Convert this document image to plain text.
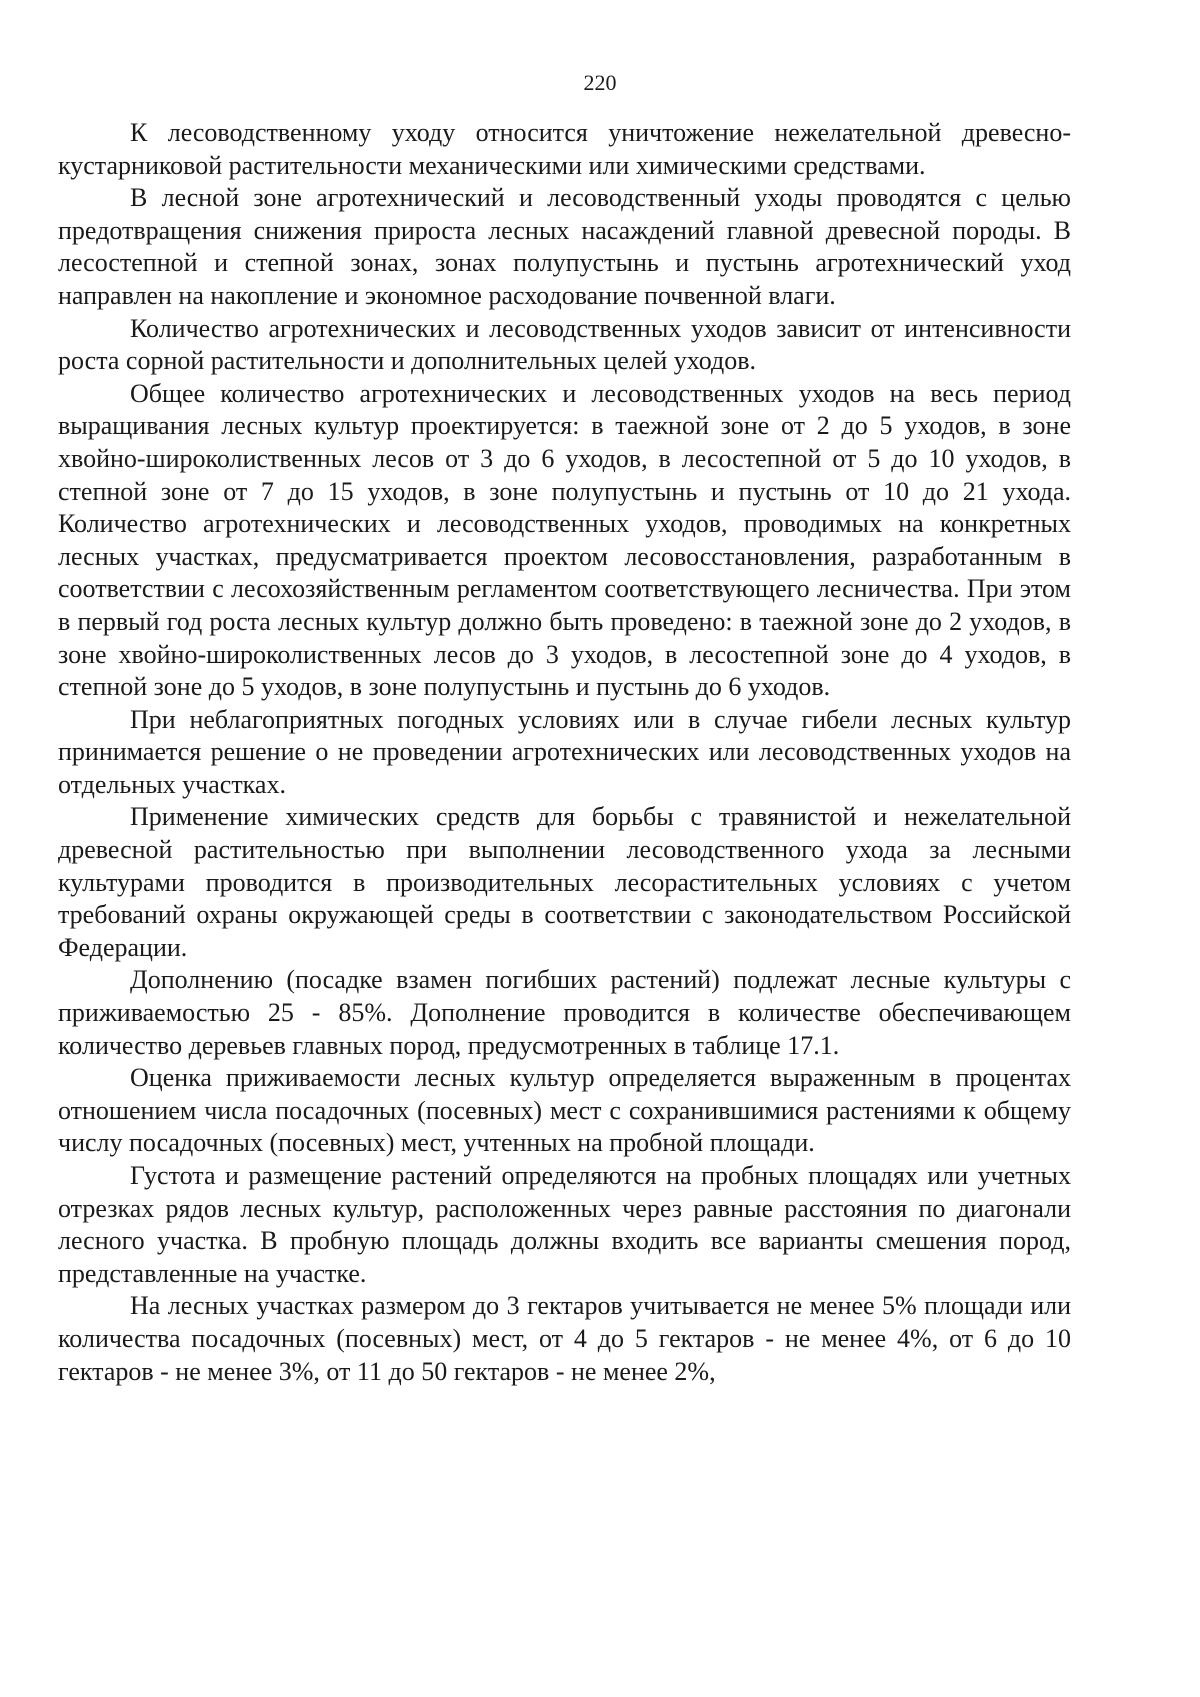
220

К лесоводственному уходу относится уничтожение нежелательной древесно-кустарниковой растительности механическими или химическими средствами.

В лесной зоне агротехнический и лесоводственный уходы проводятся с целью предотвращения снижения прироста лесных насаждений главной древесной породы. В лесостепной и степной зонах, зонах полупустынь и пустынь агротехнический уход направлен на накопление и экономное расходование почвенной влаги.

Количество агротехнических и лесоводственных уходов зависит от интенсивности роста сорной растительности и дополнительных целей уходов.

Общее количество агротехнических и лесоводственных уходов на весь период выращивания лесных культур проектируется: в таежной зоне от 2 до 5 уходов, в зоне хвойно-широколиственных лесов от 3 до 6 уходов, в лесостепной от 5 до 10 уходов, в степной зоне от 7 до 15 уходов, в зоне полупустынь и пустынь от 10 до 21 ухода. Количество агротехнических и лесоводственных уходов, проводимых на конкретных лесных участках, предусматривается проектом лесовосстановления, разработанным в соответствии с лесохозяйственным регламентом соответствующего лесничества. При этом в первый год роста лесных культур должно быть проведено: в таежной зоне до 2 уходов, в зоне хвойно-широколиственных лесов до 3 уходов, в лесостепной зоне до 4 уходов, в степной зоне до 5 уходов, в зоне полупустынь и пустынь до 6 уходов.

При неблагоприятных погодных условиях или в случае гибели лесных культур принимается решение о не проведении агротехнических или лесоводственных уходов на отдельных участках.

Применение химических средств для борьбы с травянистой и нежелательной древесной растительностью при выполнении лесоводственного ухода за лесными культурами проводится в производительных лесорастительных условиях с учетом требований охраны окружающей среды в соответствии с законодательством Российской Федерации.

Дополнению (посадке взамен погибших растений) подлежат лесные культуры с приживаемостью 25 - 85%. Дополнение проводится в количестве обеспечивающем количество деревьев главных пород, предусмотренных в таблице 17.1.

Оценка приживаемости лесных культур определяется выраженным в процентах отношением числа посадочных (посевных) мест с сохранившимися растениями к общему числу посадочных (посевных) мест, учтенных на пробной площади.

Густота и размещение растений определяются на пробных площадях или учетных отрезках рядов лесных культур, расположенных через равные расстояния по диагонали лесного участка. В пробную площадь должны входить все варианты смешения пород, представленные на участке.

На лесных участках размером до 3 гектаров учитывается не менее 5% площади или количества посадочных (посевных) мест, от 4 до 5 гектаров - не менее 4%, от 6 до 10 гектаров - не менее 3%, от 11 до 50 гектаров - не менее 2%,
